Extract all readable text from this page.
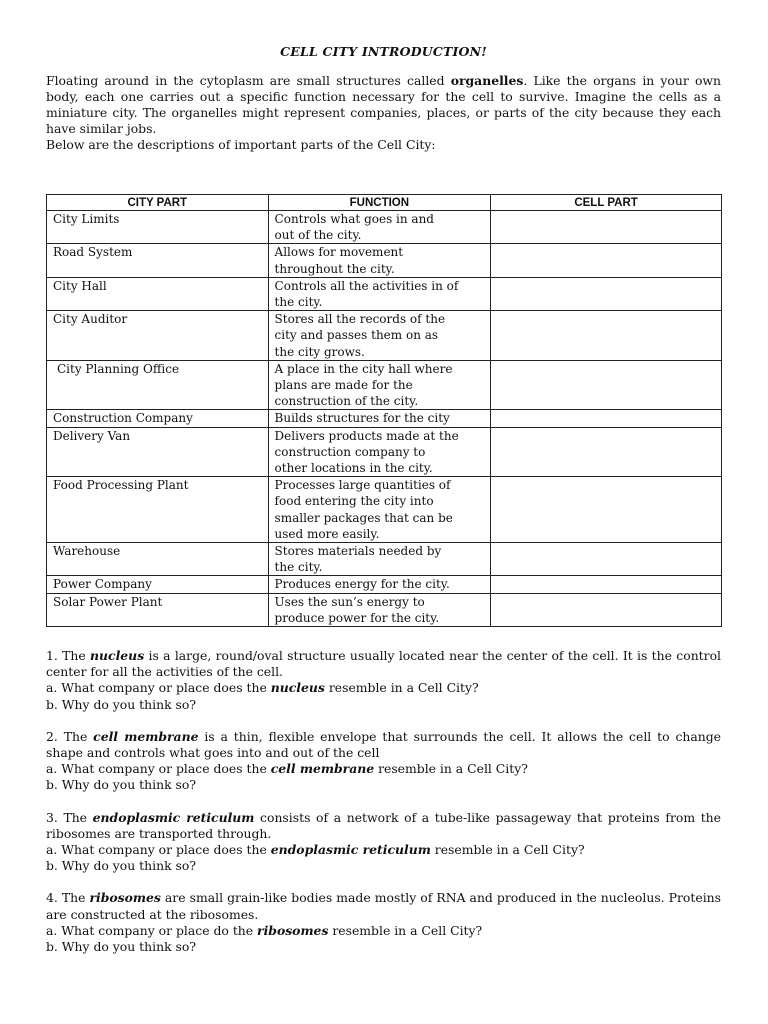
CELL CITY INTRODUCTION!

Floating around in the cytoplasm are small structures called organelles. Like the organs in your own body, each one carries out a specific function necessary for the cell to survive. Imagine the cells as a miniature city. The organelles might represent companies, places, or parts of the city because they each have similar jobs.

Below are the descriptions of important parts of the Cell City:

CITY PART	FUNCTION	CELL PART
City Limits	Controls what goes in and
out of the city.	

Road System	Allows for movement
throughout the city.	

City Hall	Controls all the activities in of
the city.	

City Auditor	Stores all the records of the
city and passes them on as
the city grows.	

City Planning Office	A place in the city hall where
plans are made for the
construction of the city.	

Construction Company	Builds structures for the city	

Delivery Van	Delivers products made at the
construction company to
other locations in the city.	

Food Processing Plant	Processes large quantities of
food entering the city into
smaller packages that can be
used more easily.	

Warehouse	Stores materials needed by
the city.	

Power Company	Produces energy for the city.	

Solar Power Plant	Uses the sun’s energy to
produce power for the city.	

1. The nucleus is a large, round/oval structure usually located near the center of the cell. It is the control center for all the activities of the cell.

a. What company or place does the nucleus resemble in a Cell City?

b. Why do you think so?

2. The cell membrane is a thin, flexible envelope that surrounds the cell. It allows the cell to change shape and controls what goes into and out of the cell

a. What company or place does the cell membrane resemble in a Cell City?

b. Why do you think so?

3. The endoplasmic reticulum consists of a network of a tube-like passageway that proteins from the ribosomes are transported through.

a. What company or place does the endoplasmic reticulum resemble in a Cell City?

b. Why do you think so?

4. The ribosomes are small grain-like bodies made mostly of RNA and produced in the nucleolus. Proteins are constructed at the ribosomes.

a. What company or place do the ribosomes resemble in a Cell City?

b. Why do you think so?
